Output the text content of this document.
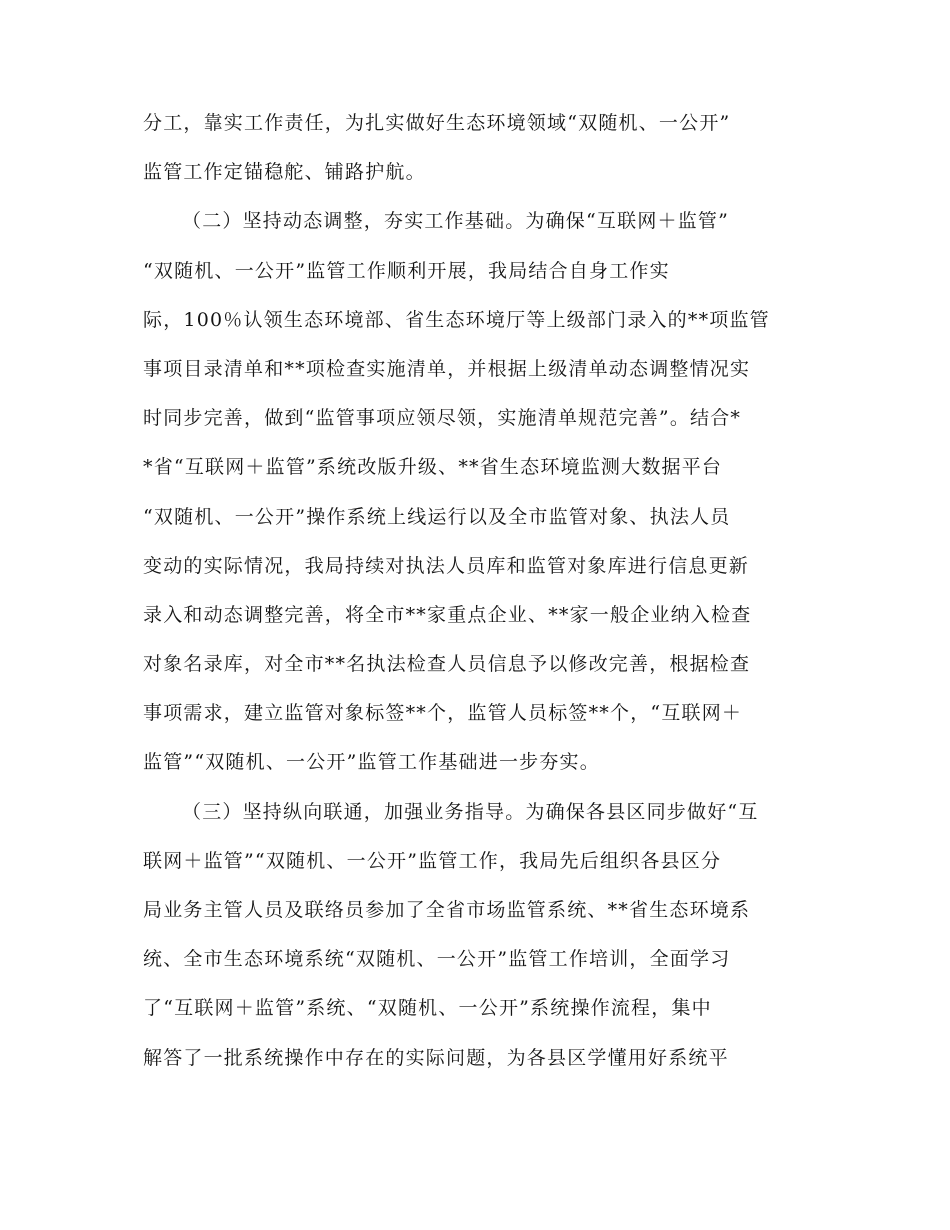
分工，靠实工作责任，为扎实做好生态环境领域“双随机、一公开”
监管工作定锚稳舵、铺路护航。
（二）坚持动态调整，夯实工作基础。为确保“互联网＋监管”
“双随机、一公开”监管工作顺利开展，我局结合自身工作实
际，100％认领生态环境部、省生态环境厅等上级部门录入的**项监管
事项目录清单和**项检查实施清单，并根据上级清单动态调整情况实
时同步完善，做到“监管事项应领尽领，实施清单规范完善”。结合*
*省“互联网＋监管”系统改版升级、**省生态环境监测大数据平台
“双随机、一公开”操作系统上线运行以及全市监管对象、执法人员
变动的实际情况，我局持续对执法人员库和监管对象库进行信息更新
录入和动态调整完善，将全市**家重点企业、**家一般企业纳入检查
对象名录库，对全市**名执法检查人员信息予以修改完善，根据检查
事项需求，建立监管对象标签**个，监管人员标签**个，“互联网＋
监管”“双随机、一公开”监管工作基础进一步夯实。
（三）坚持纵向联通，加强业务指导。为确保各县区同步做好“互
联网＋监管”“双随机、一公开”监管工作，我局先后组织各县区分
局业务主管人员及联络员参加了全省市场监管系统、**省生态环境系
统、全市生态环境系统“双随机、一公开”监管工作培训，全面学习
了“互联网＋监管”系统、“双随机、一公开”系统操作流程，集中
解答了一批系统操作中存在的实际问题，为各县区学懂用好系统平
